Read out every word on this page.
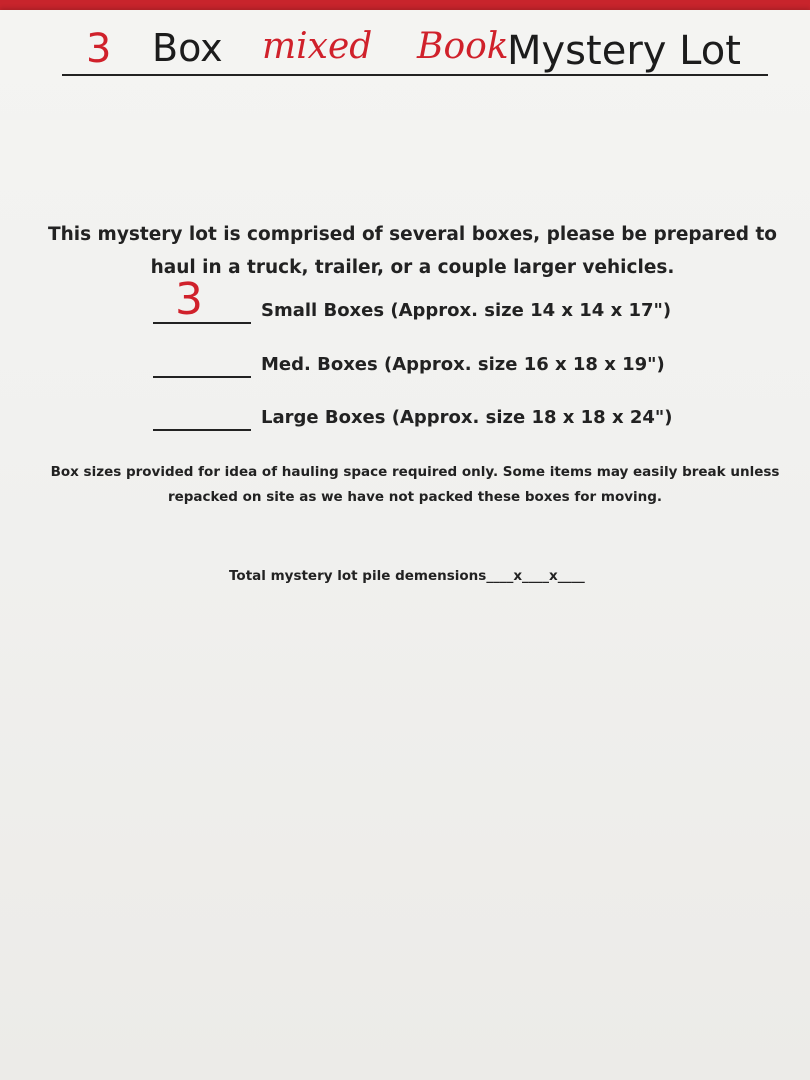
3 Box mixed Book
Mystery Lot
This mystery lot is comprised of several boxes, please be prepared to haul in a truck, trailer, or a couple larger vehicles.
3	Small Boxes (Approx. size 14 x 14 x 17")
Med. Boxes (Approx. size 16 x 18 x 19")
Large Boxes (Approx. size 18 x 18 x 24")
Box sizes provided for idea of hauling space required only. Some items may easily break unless repacked on site as we have not packed these boxes for moving.
Total mystery lot pile demensions____x____x____
